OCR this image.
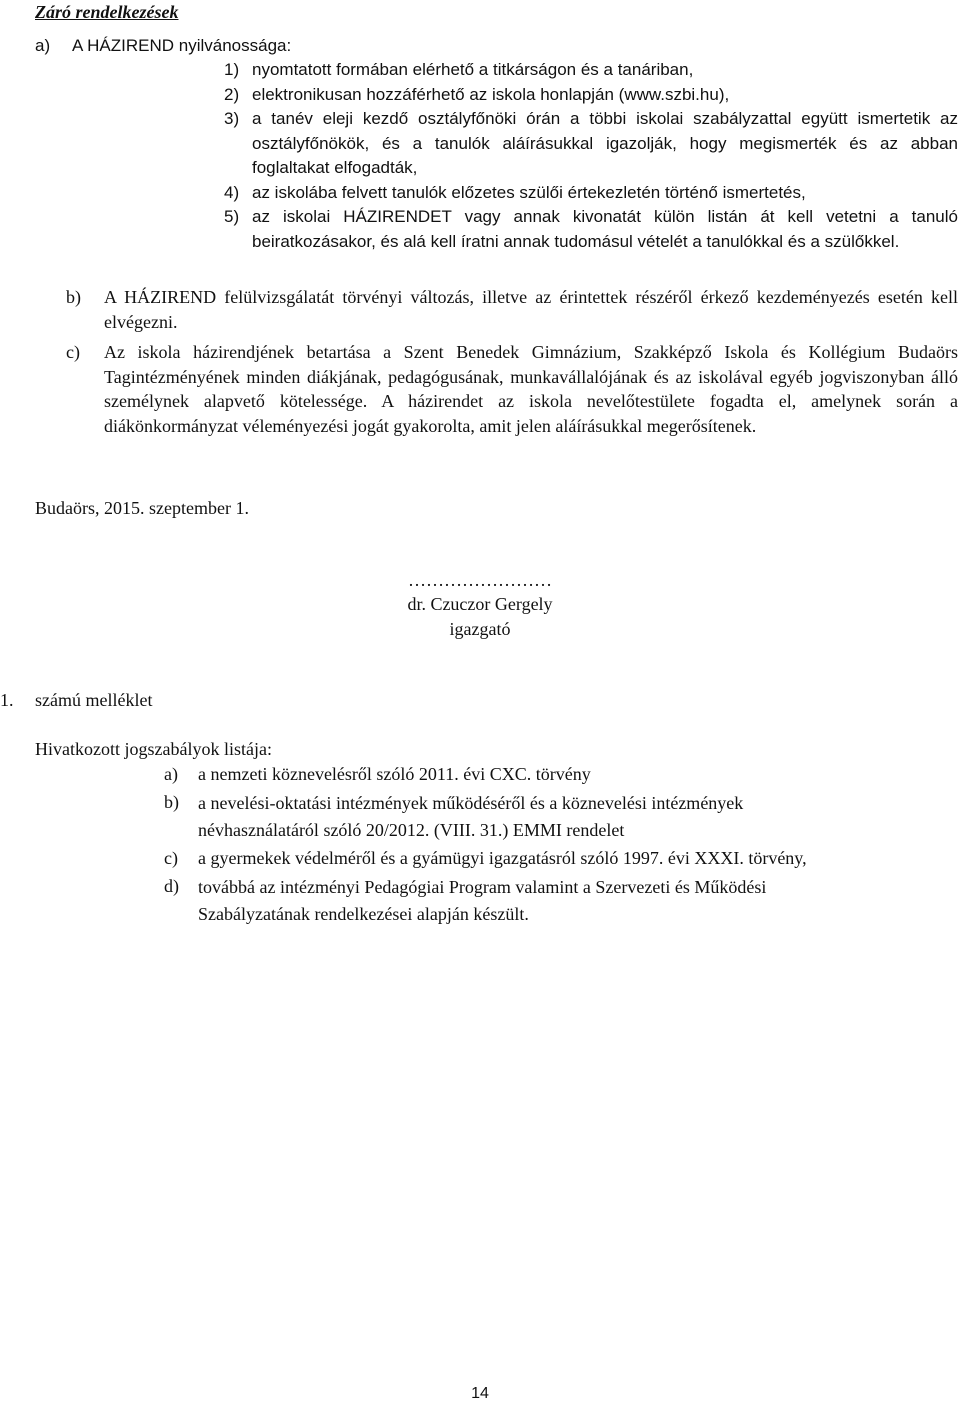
Záró rendelkezések
a) A HÁZIREND nyilvánossága:
1) nyomtatott formában elérhető a titkárságon és a tanáriban,
2) elektronikusan hozzáférhető az iskola honlapján (www.szbi.hu),
3) a tanév eleji kezdő osztályfőnöki órán a többi iskolai szabályzattal együtt ismertetik az osztályfőnökök, és a tanulók aláírásukkal igazolják, hogy megismerték és az abban foglaltakat elfogadták,
4) az iskolába felvett tanulók előzetes szülői értekezletén történő ismertetés,
5) az iskolai HÁZIRENDET vagy annak kivonatát külön listán át kell vetetni a tanuló beiratkozásakor, és alá kell íratni annak tudomásul vételét a tanulókkal és a szülőkkel.
b) A HÁZIREND felülvizsgálatát törvényi változás, illetve az érintettek részéről érkező kezdeményezés esetén kell elvégezni.
c) Az iskola házirendjének betartása a Szent Benedek Gimnázium, Szakképző Iskola és Kollégium Budaörs Tagintézményének minden diákjának, pedagógusának, munkavállalójának és az iskolával egyéb jogviszonyban álló személynek alapvető kötelessége. A házirendet az iskola nevelőtestülete fogadta el, amelynek során a diákönkormányzat véleményezési jogát gyakorolta, amit jelen aláírásukkal megerősítenek.
Budaörs, 2015. szeptember 1.
……………………
dr. Czuczor Gergely
igazgató
1. számú melléklet
Hivatkozott jogszabályok listája:
a) a nemzeti köznevelésről szóló 2011. évi CXC. törvény
b) a nevelési-oktatási intézmények működéséről és a köznevelési intézmények névhasználatáról szóló 20/2012. (VIII. 31.) EMMI rendelet
c) a gyermekek védelméről és a gyámügyi igazgatásról szóló 1997. évi XXXI. törvény,
d) továbbá az intézményi Pedagógiai Program valamint a Szervezeti és Működési Szabályzatának rendelkezései alapján készült.
14
